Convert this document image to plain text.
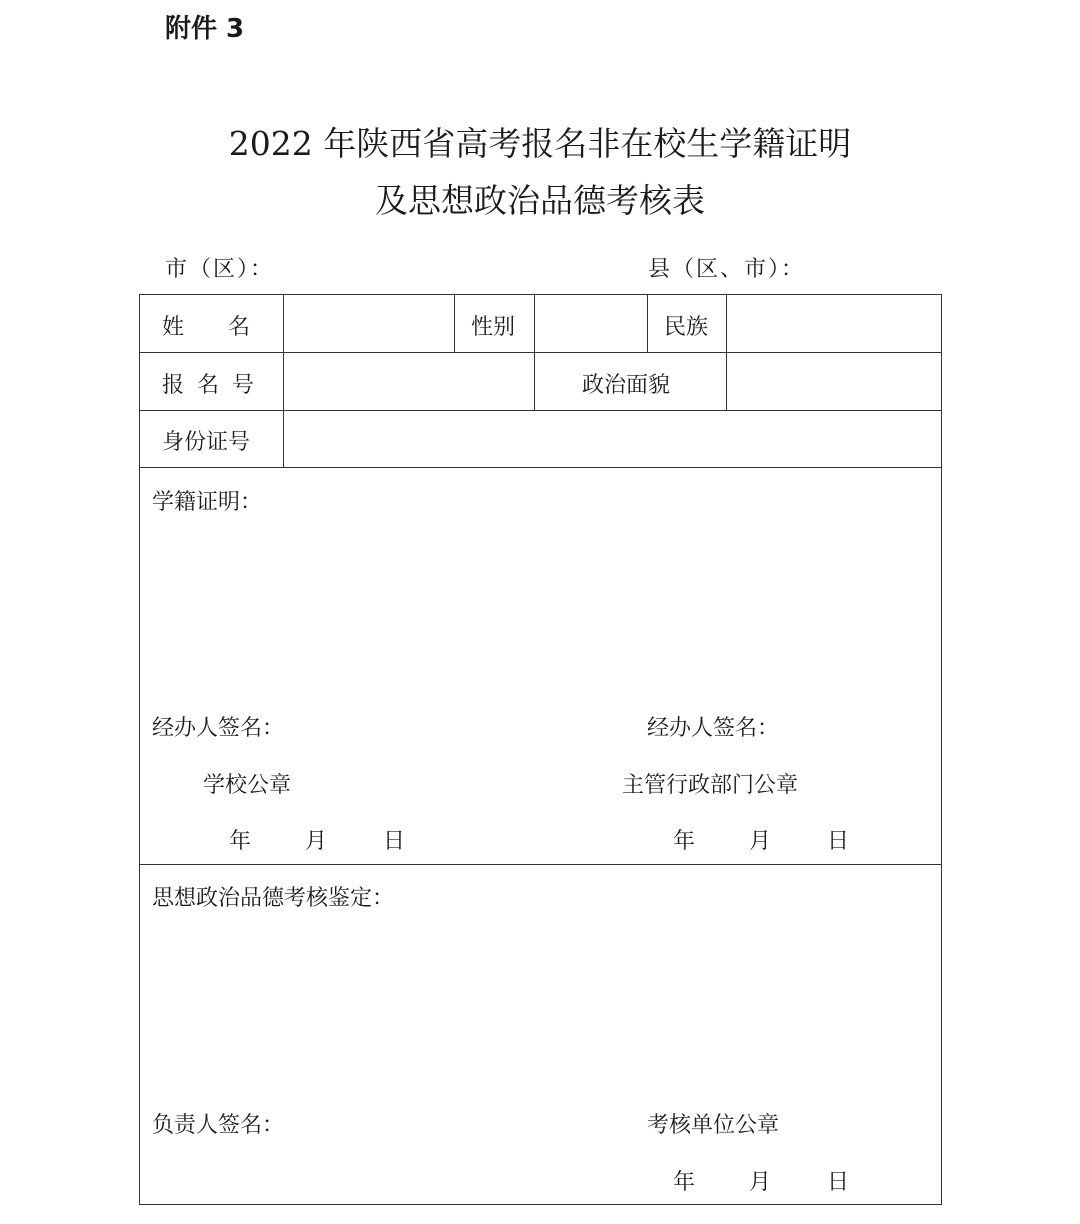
附件 3
2022 年陕西省高考报名非在校生学籍证明
及思想政治品德考核表
市（区）：	县（区、市）：
姓　　名	性别	民族
报 名 号	政治面貌
身份证号
学籍证明：
经办人签名：	经办人签名：
学校公章	主管行政部门公章
年 月	日	年 月	日
思想政治品德考核鉴定：
负责人签名：	考核单位公章
年 月	日
